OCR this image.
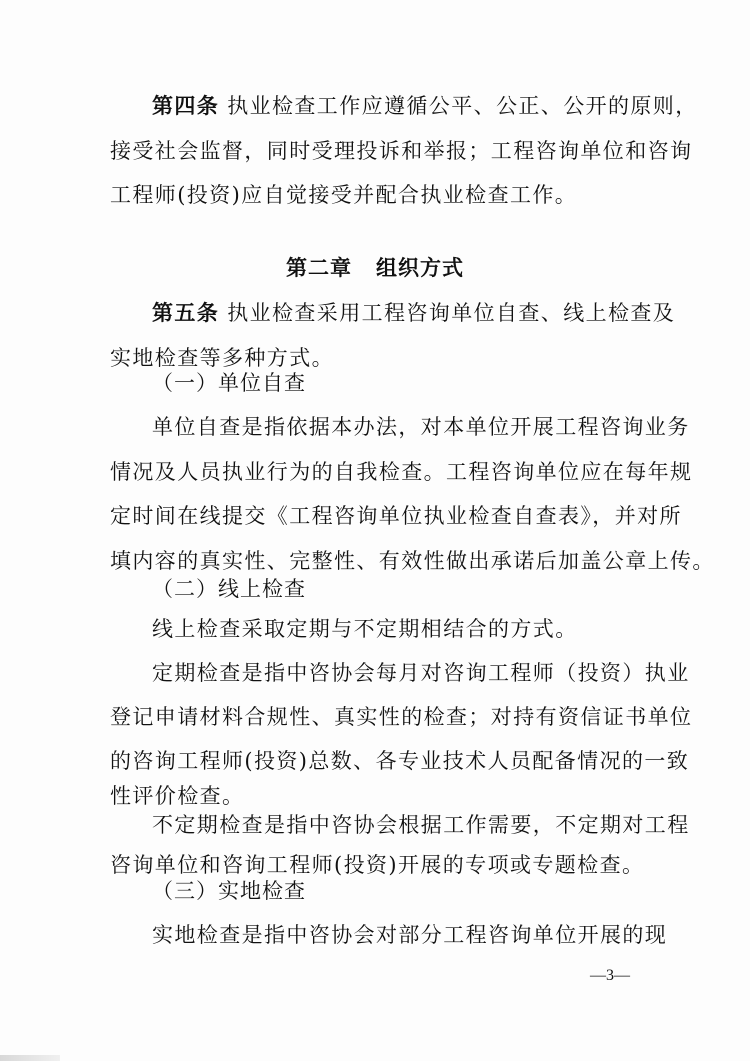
第四条 执业检查工作应遵循公平、公正、公开的原则，
接受社会监督，同时受理投诉和举报；工程咨询单位和咨询
工程师(投资)应自觉接受并配合执业检查工作。
第二章 组织方式
第五条 执业检查采用工程咨询单位自查、线上检查及
实地检查等多种方式。
（一）单位自查
单位自查是指依据本办法，对本单位开展工程咨询业务
情况及人员执业行为的自我检查。工程咨询单位应在每年规
定时间在线提交《工程咨询单位执业检查自查表》，并对所
填内容的真实性、完整性、有效性做出承诺后加盖公章上传。
（二）线上检查
线上检查采取定期与不定期相结合的方式。
定期检查是指中咨协会每月对咨询工程师（投资）执业
登记申请材料合规性、真实性的检查；对持有资信证书单位
的咨询工程师(投资)总数、各专业技术人员配备情况的一致
性评价检查。
不定期检查是指中咨协会根据工作需要，不定期对工程
咨询单位和咨询工程师(投资)开展的专项或专题检查。
（三）实地检查
实地检查是指中咨协会对部分工程咨询单位开展的现
—3—
